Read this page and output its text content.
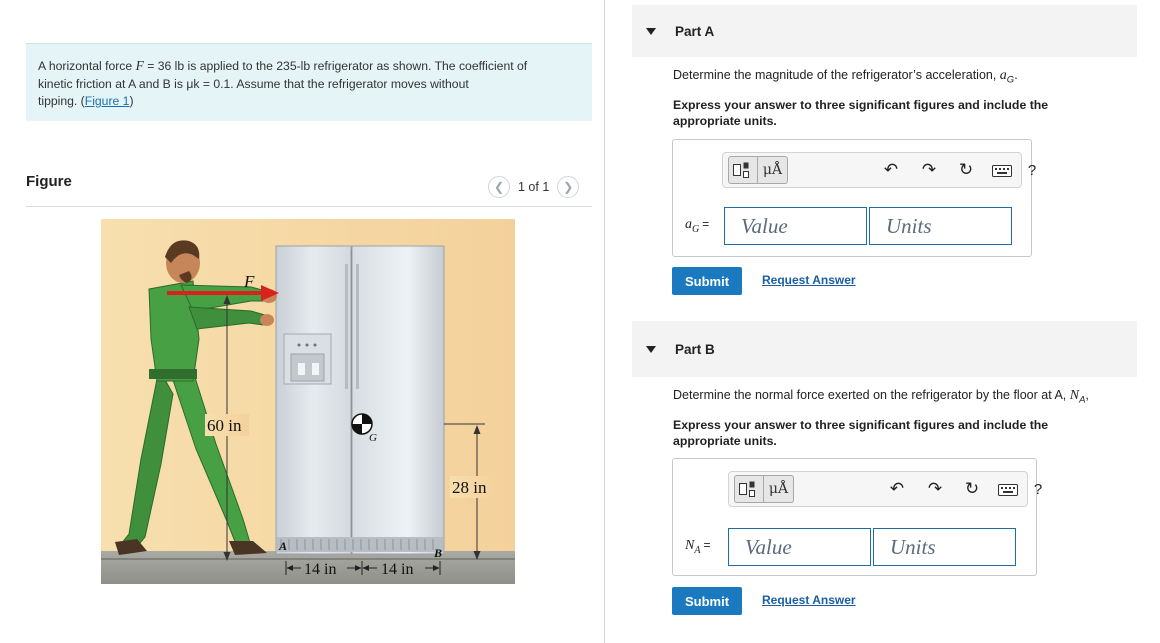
A horizontal force F = 36 lb is applied to the 235-lb refrigerator as shown. The coefficient of
kinetic friction at A and B is μk = 0.1. Assume that the refrigerator moves without
tipping. (Figure 1)
Figure	❮	1 of 1	❯
G
F
60 in
28 in
A	B
14 in	14 in
Part A
Determine the magnitude of the refrigerator’s acceleration, $a_G$.
Express your answer to three significant figures and include the appropriate units.
μÅ	↶ ↷ ↻	?
$a_G$ =	Value	Units
Submit	Request Answer
Part B
Determine the normal force exerted on the refrigerator by the floor at A, $N_A$,
Express your answer to three significant figures and include the appropriate units.
μÅ	↶ ↷ ↻	?
$N_A$ =	Value	Units
Submit	Request Answer
